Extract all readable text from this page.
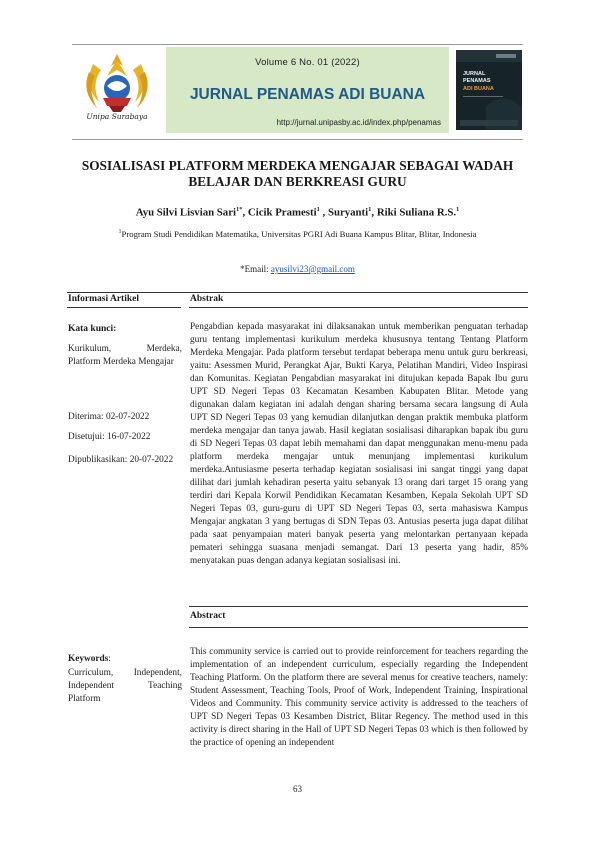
Unipa Surabaya
Volume 6 No. 01 (2022)
JURNAL PENAMAS ADI BUANA
http://jurnal.unipasby.ac.id/index.php/penamas
JURNAL
PENAMAS
ADI BUANA
SOSIALISASI PLATFORM MERDEKA MENGAJAR SEBAGAI WADAH BELAJAR DAN BERKREASI GURU
Ayu Silvi Lisvian Sari$^{1*}$, Cicik Pramesti$^1$ , Suryanti$^1$, Riki Suliana R.S.$^1$
$^1$Program Studi Pendidikan Matematika, Universitas PGRI Adi Buana Kampus Blitar, Blitar, Indonesia
*Email: ayusilvi23@gmail.com
Informasi Artikel	Abstrak
Kata kunci:
Kurikulum, Merdeka, Platform Merdeka Mengajar
Diterima: 02-07-2022
Disetujui: 16-07-2022
Dipublikasikan: 20-07-2022
Pengabdian kepada masyarakat ini dilaksanakan untuk memberikan penguatan terhadap guru tentang implementasi kurikulum merdeka khususnya tentang Tentang Platform Merdeka Mengajar. Pada platform tersebut terdapat beberapa menu untuk guru berkreasi, yaitu: Asessmen Murid, Perangkat Ajar, Bukti Karya, Pelatihan Mandiri, Video Inspirasi dan Komunitas. Kegiatan Pengabdian masyarakat ini ditujukan kepada Bapak Ibu guru UPT SD Negeri Tepas 03 Kecamatan Kesamben Kabupaten Blitar. Metode yang digunakan dalam kegiatan ini adalah dengan sharing bersama secara langsung di Aula UPT SD Negeri Tepas 03 yang kemudian dilanjutkan dengan praktik membuka platform merdeka mengajar dan tanya jawab. Hasil kegiatan sosialisasi diharapkan bapak ibu guru di SD Negeri Tepas 03 dapat lebih memahami dan dapat menggunakan menu-menu pada platform merdeka mengajar untuk menunjang implementasi kurikulum merdeka.Antusiasme peserta terhadap kegiatan sosialisasi ini sangat tinggi yang dapat dilihat dari jumlah kehadiran peserta yaitu sebanyak 13 orang dari target 15 orang yang terdiri dari Kepala Korwil Pendidikan Kecamatan Kesamben, Kepala Sekolah UPT SD Negeri Tepas 03, guru-guru di UPT SD Negeri Tepas 03, serta mahasiswa Kampus Mengajar angkatan 3 yang bertugas di SDN Tepas 03. Antusias peserta juga dapat dilihat pada saat penyampaian materi banyak peserta yang melontarkan pertanyaan kepada pemateri sehingga suasana menjadi semangat. Dari 13 peserta yang hadir, 85% menyatakan puas dengan adanya kegiatan sosialisasi ini.
Abstract
Keywords:
Curriculum, Independent, Independent Teaching Platform
This community service is carried out to provide reinforcement for teachers regarding the implementation of an independent curriculum, especially regarding the Independent Teaching Platform. On the platform there are several menus for creative teachers, namely: Student Assessment, Teaching Tools, Proof of Work, Independent Training, Inspirational Videos and Community. This community service activity is addressed to the teachers of UPT SD Negeri Tepas 03 Kesamben District, Blitar Regency. The method used in this activity is direct sharing in the Hall of UPT SD Negeri Tepas 03 which is then followed by the practice of opening an independent
63
